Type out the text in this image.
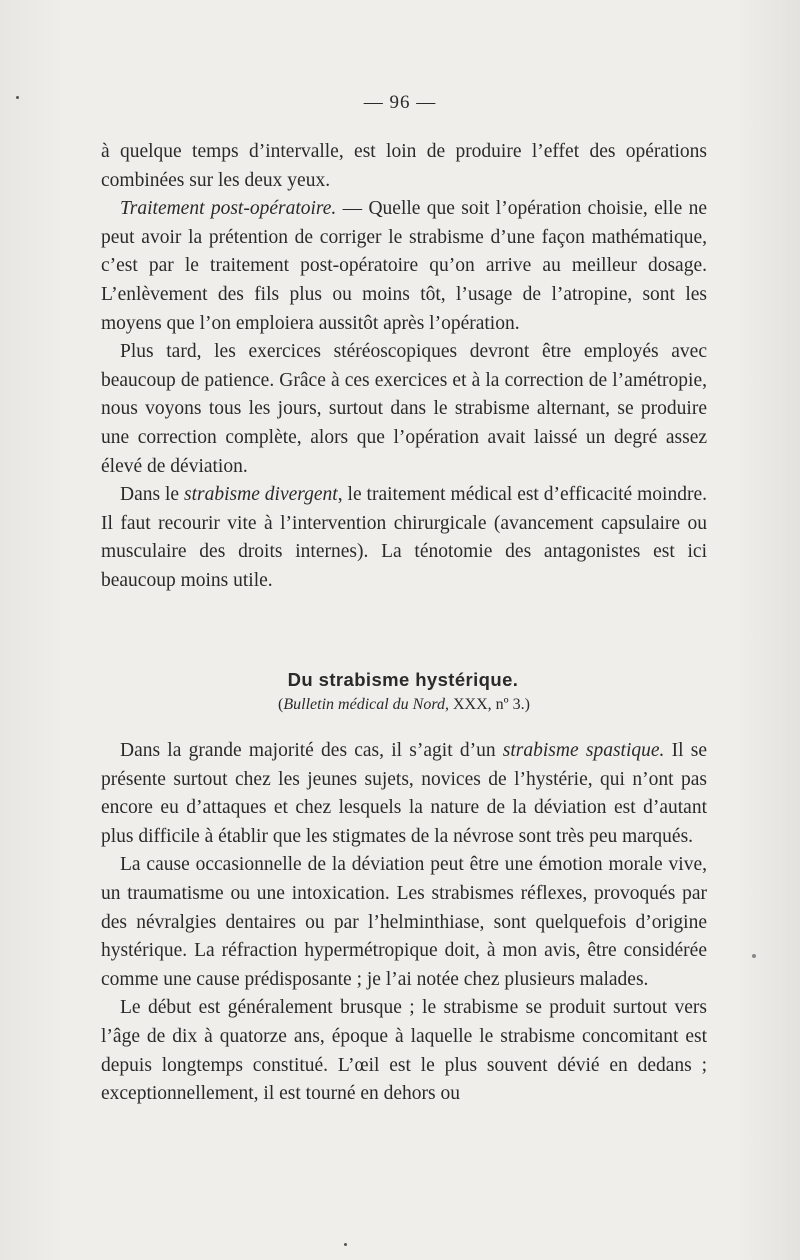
— 96 —

à quelque temps d’intervalle, est loin de produire l’effet des opérations combinées sur les deux yeux.

Traitement post-opératoire. — Quelle que soit l’opération choisie, elle ne peut avoir la prétention de corriger le strabisme d’une façon mathématique, c’est par le traitement post-opératoire qu’on arrive au meilleur dosage. L’enlèvement des fils plus ou moins tôt, l’usage de l’atropine, sont les moyens que l’on emploiera aussitôt après l’opération.

Plus tard, les exercices stéréoscopiques devront être employés avec beaucoup de patience. Grâce à ces exercices et à la correction de l’amétropie, nous voyons tous les jours, surtout dans le strabisme alternant, se produire une correction complète, alors que l’opération avait laissé un degré assez élevé de déviation.

Dans le strabisme divergent, le traitement médical est d’efficacité moindre. Il faut recourir vite à l’intervention chirurgicale (avancement capsulaire ou musculaire des droits internes). La ténotomie des antagonistes est ici beaucoup moins utile.

Du strabisme hystérique.
(Bulletin médical du Nord, XXX, nº 3.)

Dans la grande majorité des cas, il s’agit d’un strabisme spastique. Il se présente surtout chez les jeunes sujets, novices de l’hystérie, qui n’ont pas encore eu d’attaques et chez lesquels la nature de la déviation est d’autant plus difficile à établir que les stigmates de la névrose sont très peu marqués.

La cause occasionnelle de la déviation peut être une émotion morale vive, un traumatisme ou une intoxication. Les strabismes réflexes, provoqués par des névralgies dentaires ou par l’helminthiase, sont quelquefois d’origine hystérique. La réfraction hypermétropique doit, à mon avis, être considérée comme une cause prédisposante ; je l’ai notée chez plusieurs malades.

Le début est généralement brusque ; le strabisme se produit surtout vers l’âge de dix à quatorze ans, époque à laquelle le strabisme concomitant est depuis longtemps constitué. L’œil est le plus souvent dévié en dedans ; exceptionnellement, il est tourné en dehors ou
